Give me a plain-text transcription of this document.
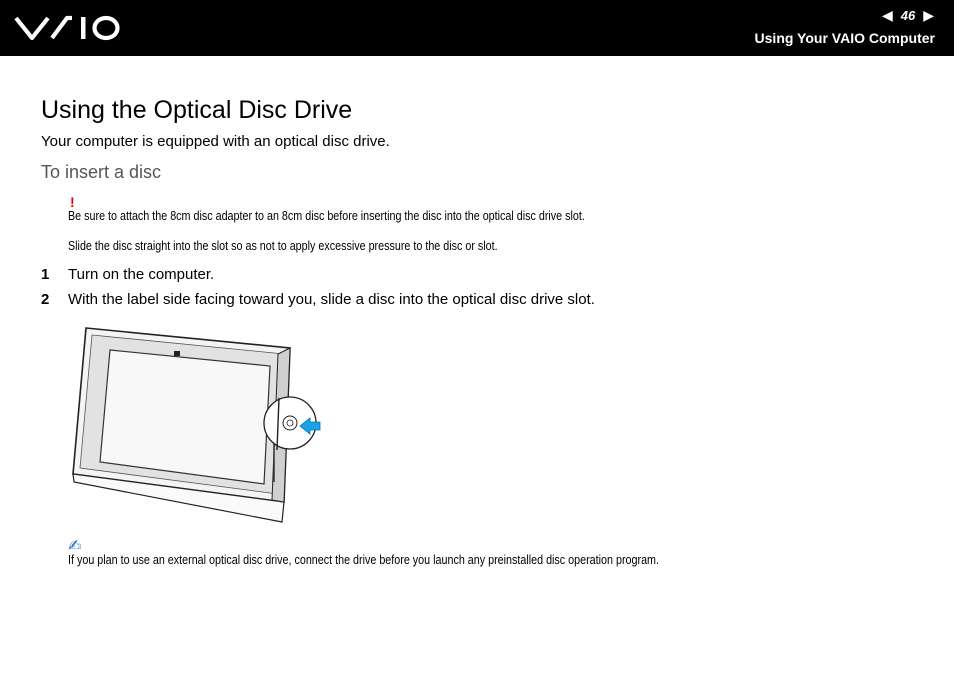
◀ 46 ▶
Using Your VAIO Computer
Using the Optical Disc Drive
Your computer is equipped with an optical disc drive.
To insert a disc
!
Be sure to attach the 8cm disc adapter to an 8cm disc before inserting the disc into the optical disc drive slot.
Slide the disc straight into the slot so as not to apply excessive pressure to the disc or slot.
1 Turn on the computer.
2 With the label side facing toward you, slide a disc into the optical disc drive slot.
✍
If you plan to use an external optical disc drive, connect the drive before you launch any preinstalled disc operation program.
